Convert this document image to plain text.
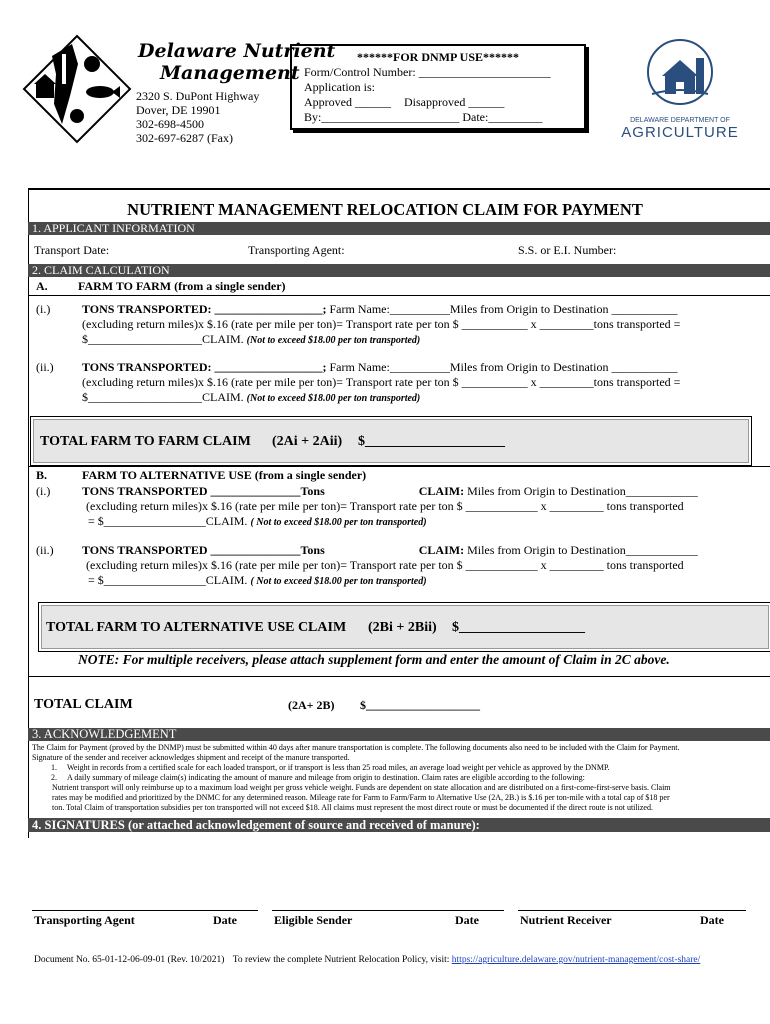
Delaware Nutrient
Management
2320 S. DuPont Highway
Dover, DE 19901
302-698-4500
302-697-6287 (Fax)
******FOR DNMP USE******
Form/Control Number: ______________________
Application is:
Approved ______ Disapproved ______
By:_______________________ Date:_________	DELAWARE DEPARTMENT OF
AGRICULTURE
NUTRIENT MANAGEMENT RELOCATION CLAIM FOR PAYMENT
1. APPLICANT INFORMATION
Transport Date:	Transporting Agent:	S.S. or E.I. Number:
2. CLAIM CALCULATION
A.	FARM TO FARM (from a single sender)
(i.)	TONS TRANSPORTED: __________________; Farm Name:__________Miles from Origin to Destination ___________
(excluding return miles)x $.16 (rate per mile per ton)= Transport rate per ton $ ___________ x _________tons transported =
$___________________CLAIM. (Not to exceed $18.00 per ton transported)
(ii.) TONS TRANSPORTED: __________________; Farm Name:__________Miles from Origin to Destination ___________
(excluding return miles)x $.16 (rate per mile per ton)= Transport rate per ton $ ___________ x _________tons transported =
$___________________CLAIM. (Not to exceed $18.00 per ton transported)
TOTAL FARM TO FARM CLAIM (2Ai + 2Aii) $____________________
B.	FARM TO ALTERNATIVE USE (from a single sender)
(i.)	TONS TRANSPORTED _______________Tons	CLAIM: Miles from Origin to Destination____________
(excluding return miles)x $.16 (rate per mile per ton)= Transport rate per ton $ ____________ x _________ tons transported
= $_________________CLAIM. ( Not to exceed $18.00 per ton transported)
(ii.) TONS TRANSPORTED _______________Tons	CLAIM: Miles from Origin to Destination____________
(excluding return miles)x $.16 (rate per mile per ton)= Transport rate per ton $ ____________ x _________ tons transported
= $_________________CLAIM. ( Not to exceed $18.00 per ton transported)
TOTAL FARM TO ALTERNATIVE USE CLAIM (2Bi + 2Bii) $__________________
NOTE: For multiple receivers, please attach supplement form and enter the amount of Claim in 2C above.
TOTAL CLAIM	(2A+ 2B) $___________________
3. ACKNOWLEDGEMENT
The Claim for Payment (proved by the DNMP) must be submitted within 40 days after manure transportation is complete. The following documents also need to be included with the Claim for Payment.
Signature of the sender and receiver acknowledges shipment and receipt of the manure transported.
1.	Weight in records from a certified scale for each loaded transport, or if transport is less than 25 road miles, an average load weight per vehicle as approved by the DNMP.
2.	A daily summary of mileage claim(s) indicating the amount of manure and mileage from origin to destination. Claim rates are eligible according to the following:
Nutrient transport will only reimburse up to a maximum load weight per gross vehicle weight. Funds are dependent on state allocation and are distributed on a first-come-first-serve basis. Claim
rates may be modified and prioritized by the DNMC for any determined reason. Mileage rate for Farm to Farm/Farm to Alternative Use (2A, 2B.) is $.16 per ton-mile with a total cap of $18 per
ton. Total Claim of transportation subsidies per ton transported will not exceed $18. All claims must represent the most direct route or must be documented if the direct route is not utilized.
4. SIGNATURES (or attached acknowledgement of source and received of manure):
Transporting Agent	Date	Eligible Sender	Date	Nutrient Receiver	Date
Document No. 65-01-12-06-09-01 (Rev. 10/2021) To review the complete Nutrient Relocation Policy, visit: https://agriculture.delaware.gov/nutrient-management/cost-share/
